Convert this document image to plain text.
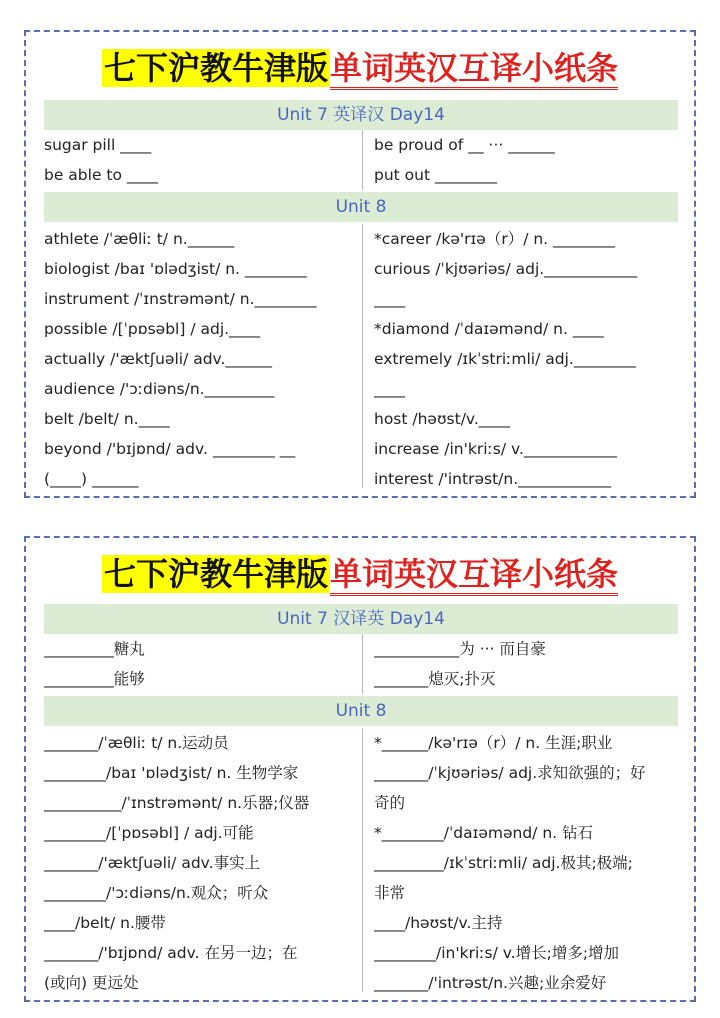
七下沪教牛津版单词英汉互译小纸条
Unit 7 英译汉 Day14
sugar pill ____
be able to ____
be proud of __ ··· ______
put out ________
Unit 8
athlete /ˈæθliː t/ n.______
biologist /baɪ 'ɒlədʒist/ n. ________
instrument /ˈɪnstrəmənt/ n.________
possible /[ˈpɒsəbl] / adj.____
actually /'æktʃuəli/ adv.______
audience /'ɔːdiəns/n._________
belt /belt/ n.____
beyond /'bɪjɒnd/ adv. ________ __
(____) ______
*career /kə'rɪə（r）/ n. ________
curious /ˈkjʊəriəs/ adj.____________
____
*diamond /ˈdaɪəmənd/ n. ____
extremely /ɪkˈstriːmli/ adj.________
____
host /həʊst/v.____
increase /in'kriːs/ v.____________
interest /'intrəst/n.____________
七下沪教牛津版单词英汉互译小纸条
Unit 7 汉译英 Day14
_________糖丸
_________能够
___________为 ··· 而自豪
_______熄灭;扑灭
Unit 8
_______/ˈæθliː t/ n.运动员
________/baɪ 'ɒlədʒist/ n. 生物学家
__________/ˈɪnstrəmənt/ n.乐器;仪器
________/[ˈpɒsəbl] / adj.可能
_______/'æktʃuəli/ adv.事实上
________/'ɔːdiəns/n.观众；听众
____/belt/ n.腰带
_______/'bɪjɒnd/ adv. 在另一边；在
(或向) 更远处
*______/kə'rɪə（r）/ n. 生涯;职业
_______/ˈkjʊəriəs/ adj.求知欲强的；好
奇的
*________/ˈdaɪəmənd/ n. 钻石
_________/ɪkˈstriːmli/ adj.极其;极端;
非常
____/həʊst/v.主持
________/in'kriːs/ v.增长;增多;增加
_______/'intrəst/n.兴趣;业余爱好
